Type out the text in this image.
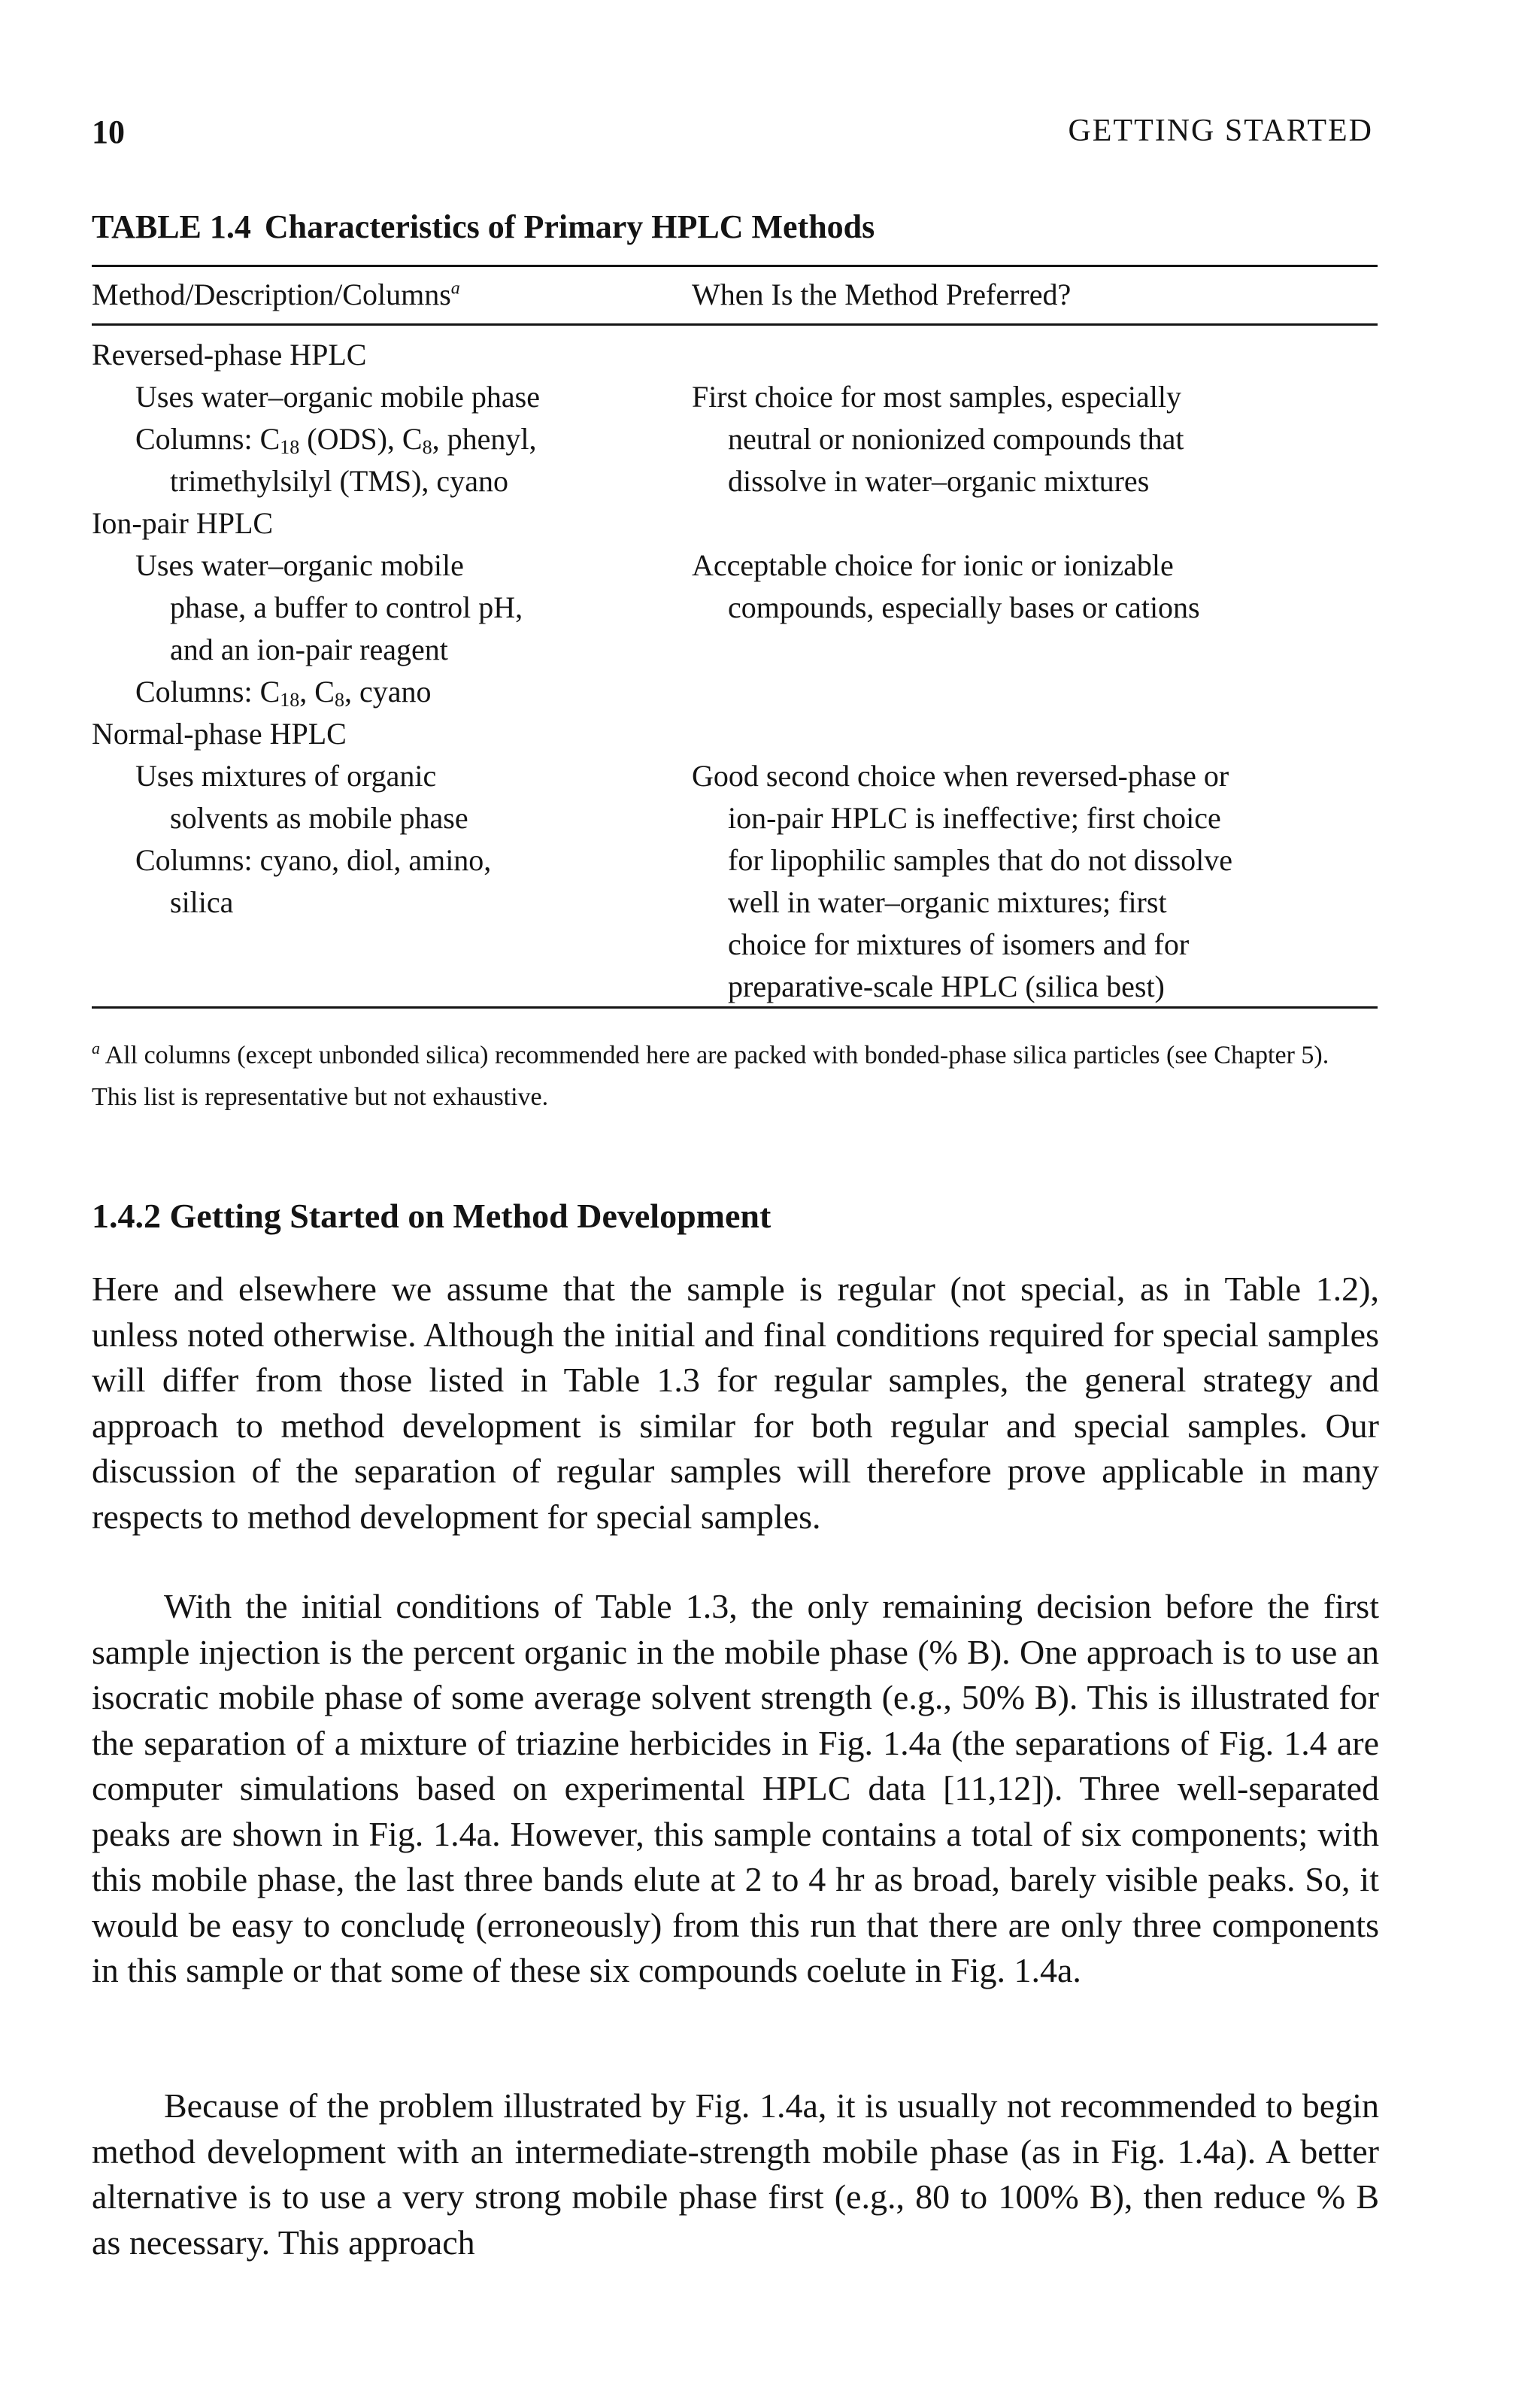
10	GETTING STARTED
TABLE 1.4 Characteristics of Primary HPLC Methods
Method/Description/Columns$^a$	When Is the Method Preferred?
Reversed-phase HPLC
Uses water–organic mobile phase
Columns: $C_{18}$ (ODS), $C_8$, phenyl,
trimethylsilyl (TMS), cyano
Ion-pair HPLC
Uses water–organic mobile
phase, a buffer to control pH,
and an ion-pair reagent
Columns: $C_{18}$, $C_8$, cyano
Normal-phase HPLC
Uses mixtures of organic
solvents as mobile phase
Columns: cyano, diol, amino,
silica
First choice for most samples, especially
neutral or nonionized compounds that
dissolve in water–organic mixtures
Acceptable choice for ionic or ionizable
compounds, especially bases or cations
Good second choice when reversed-phase or
ion-pair HPLC is ineffective; first choice
for lipophilic samples that do not dissolve
well in water–organic mixtures; first
choice for mixtures of isomers and for
preparative-scale HPLC (silica best)
$^a$ All columns (except unbonded silica) recommended here are packed with bonded-phase silica particles (see Chapter 5). This list is representative but not exhaustive.
1.4.2 Getting Started on Method Development

Here and elsewhere we assume that the sample is regular (not special, as in Table 1.2), unless noted otherwise. Although the initial and final conditions required for special samples will differ from those listed in Table 1.3 for regular samples, the general strategy and approach to method development is similar for both regular and special samples. Our discussion of the separation of regular samples will therefore prove applicable in many respects to method development for special samples.

With the initial conditions of Table 1.3, the only remaining decision before the first sample injection is the percent organic in the mobile phase (% B). One approach is to use an isocratic mobile phase of some average solvent strength (e.g., 50% B). This is illustrated for the separation of a mixture of triazine herbicides in Fig. 1.4a (the separations of Fig. 1.4 are computer simulations based on experimental HPLC data [11,12]). Three well-separated peaks are shown in Fig. 1.4a. However, this sample contains a total of six components; with this mobile phase, the last three bands elute at 2 to 4 hr as broad, barely visible peaks. So, it would be easy to concludę (erroneously) from this run that there are only three components in this sample or that some of these six compounds coelute in Fig. 1.4a.

Because of the problem illustrated by Fig. 1.4a, it is usually not recommended to begin method development with an intermediate-strength mobile phase (as in Fig. 1.4a). A better alternative is to use a very strong mobile phase first (e.g., 80 to 100% B), then reduce % B as necessary. This approach
